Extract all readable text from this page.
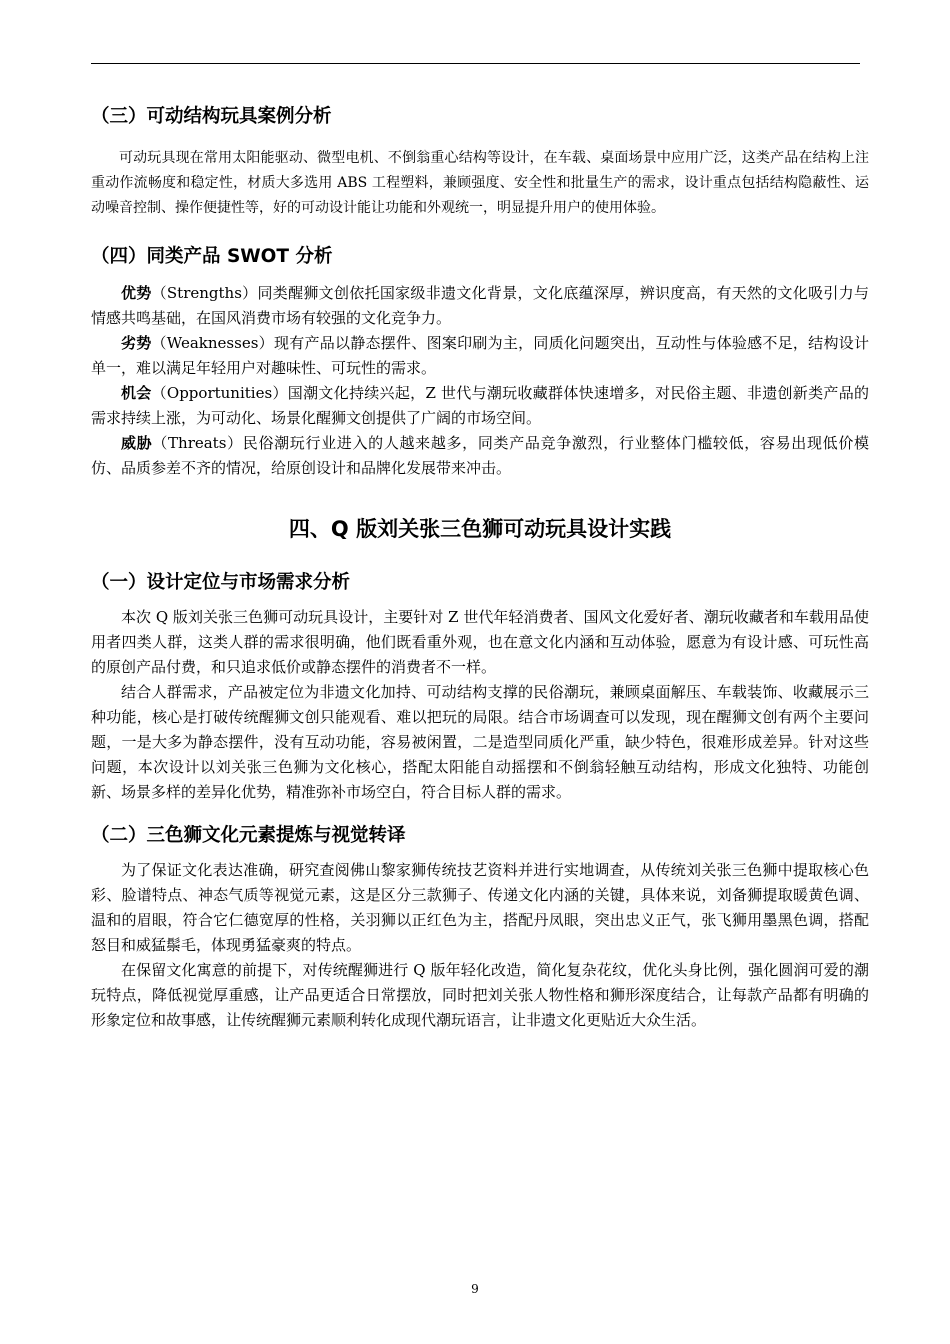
（三）可动结构玩具案例分析

可动玩具现在常用太阳能驱动、微型电机、不倒翁重心结构等设计，在车载、桌面场景中应用广泛，这类产品在结构上注重动作流畅度和稳定性，材质大多选用 ABS 工程塑料，兼顾强度、安全性和批量生产的需求，设计重点包括结构隐蔽性、运动噪音控制、操作便捷性等，好的可动设计能让功能和外观统一，明显提升用户的使用体验。

（四）同类产品 SWOT 分析

优势（Strengths）同类醒狮文创依托国家级非遗文化背景，文化底蕴深厚，辨识度高，有天然的文化吸引力与情感共鸣基础，在国风消费市场有较强的文化竞争力。

劣势（Weaknesses）现有产品以静态摆件、图案印刷为主，同质化问题突出，互动性与体验感不足，结构设计单一，难以满足年轻用户对趣味性、可玩性的需求。

机会（Opportunities）国潮文化持续兴起，Z 世代与潮玩收藏群体快速增多，对民俗主题、非遗创新类产品的需求持续上涨，为可动化、场景化醒狮文创提供了广阔的市场空间。

威胁（Threats）民俗潮玩行业进入的人越来越多，同类产品竞争激烈，行业整体门槛较低，容易出现低价模仿、品质参差不齐的情况，给原创设计和品牌化发展带来冲击。

四、Q 版刘关张三色狮可动玩具设计实践
（一）设计定位与市场需求分析

本次 Q 版刘关张三色狮可动玩具设计，主要针对 Z 世代年轻消费者、国风文化爱好者、潮玩收藏者和车载用品使用者四类人群，这类人群的需求很明确，他们既看重外观，也在意文化内涵和互动体验，愿意为有设计感、可玩性高的原创产品付费，和只追求低价或静态摆件的消费者不一样。

结合人群需求，产品被定位为非遗文化加持、可动结构支撑的民俗潮玩，兼顾桌面解压、车载装饰、收藏展示三种功能，核心是打破传统醒狮文创只能观看、难以把玩的局限。结合市场调查可以发现，现在醒狮文创有两个主要问题，一是大多为静态摆件，没有互动功能，容易被闲置，二是造型同质化严重，缺少特色，很难形成差异。针对这些问题，本次设计以刘关张三色狮为文化核心，搭配太阳能自动摇摆和不倒翁轻触互动结构，形成文化独特、功能创新、场景多样的差异化优势，精准弥补市场空白，符合目标人群的需求。

（二）三色狮文化元素提炼与视觉转译

为了保证文化表达准确，研究查阅佛山黎家狮传统技艺资料并进行实地调查，从传统刘关张三色狮中提取核心色彩、脸谱特点、神态气质等视觉元素，这是区分三款狮子、传递文化内涵的关键，具体来说，刘备狮提取暖黄色调、温和的眉眼，符合它仁德宽厚的性格，关羽狮以正红色为主，搭配丹凤眼，突出忠义正气，张飞狮用墨黑色调，搭配怒目和威猛鬃毛，体现勇猛豪爽的特点。

在保留文化寓意的前提下，对传统醒狮进行 Q 版年轻化改造，简化复杂花纹，优化头身比例，强化圆润可爱的潮玩特点，降低视觉厚重感，让产品更适合日常摆放，同时把刘关张人物性格和狮形深度结合，让每款产品都有明确的形象定位和故事感，让传统醒狮元素顺利转化成现代潮玩语言，让非遗文化更贴近大众生活。

9
